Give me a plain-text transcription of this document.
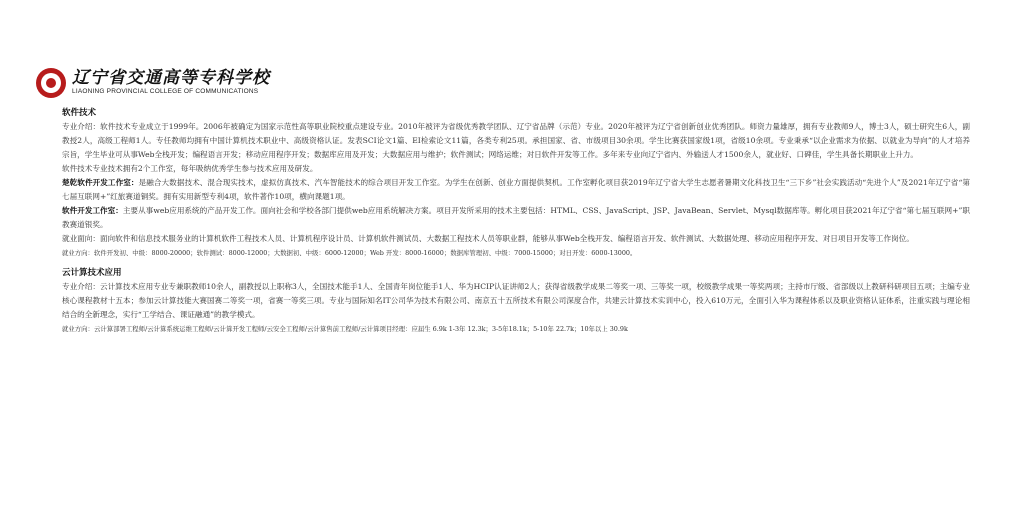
辽宁省交通高等专科学校
LIAONING PROVINCIAL COLLEGE OF COMMUNICATIONS
软件技术

专业介绍：软件技术专业成立于1999年。2006年被确定为国家示范性高等职业院校重点建设专业。2010年被评为省级优秀教学团队、辽宁省品牌（示范）专业。2020年被评为辽宁省创新创业优秀团队。师资力量雄厚，拥有专业教师9人，博士3人，硕士研究生6人，副教授2人，高级工程师1人。专任教师均拥有中国计算机技术职业中、高级资格认证。发表SCI论文1篇、EI检索论文11篇，各类专利25项。承担国家、省、市级项目30余项。学生比赛获国家级1项，省级10余项。专业秉承“以企业需求为依据、以就业为导向”的人才培养宗旨，学生毕业可从事Web全栈开发；编程语言开发；移动应用程序开发；数据库应用及开发；大数据应用与维护；软件测试；网络运维；对日软件开发等工作。多年来专业向辽宁省内、外输送人才1500余人，就业好、口碑佳，学生具备长期职业上升力。

软件技术专业技术拥有2个工作室，每年吸纳优秀学生参与技术应用及研发。

楚乾软件开发工作室：是融合大数据技术、混合现实技术，虚拟仿真技术、汽车智能技术的综合项目开发工作室。为学生在创新、创业方面提供契机。工作室孵化项目获2019年辽宁省大学生志愿者暑期文化科技卫生“三下乡”社会实践活动“先进个人”及2021年辽宁省“第七届互联网+”红旅赛道铜奖。拥有实用新型专利4项，软件著作10项，横向课题1项。

软件开发工作室：主要从事web应用系统的产品开发工作。面向社会和学校各部门提供web应用系统解决方案。项目开发所采用的技术主要包括：HTML、CSS、JavaScript、JSP、JavaBean、Servlet、Mysql数据库等。孵化项目获2021年辽宁省“第七届互联网+”职教赛道银奖。

就业面向：面向软件和信息技术服务业的计算机软件工程技术人员、计算机程序设计员、计算机软件测试员、大数据工程技术人员等职业群，能够从事Web全栈开发、编程语言开发、软件测试、大数据处理、移动应用程序开发、对日项目开发等工作岗位。

就业方向：软件开发初、中级：8000-20000；软件测试：8000-12000；大数据初、中级：6000-12000；Web 开发：8000-16000；数据库管理初、中级：7000-15000；对日开发：6000-13000。

云计算技术应用

专业介绍：云计算技术应用专业专兼职教师10余人，副教授以上职称3人，全国技术能手1人、全国青年岗位能手1人、华为HCIP认证讲师2人；获得省级教学成果二等奖一项、三等奖一项，校级教学成果一等奖两项；主持市厅级、省部级以上教研科研项目五项；主编专业核心课程教材十五本；参加云计算技能大赛国赛二等奖一项，省赛一等奖三项。专业与国际知名IT公司华为技术有限公司、南京五十五所技术有限公司深度合作，共建云计算技术实训中心，投入610万元，全面引入华为课程体系以及职业资格认证体系，注重实践与理论相结合的全新理念，实行“工学结合、课证融通”的教学模式。

就业方向：云计算部署工程师/云计算系统运维工程师/云计算开发工程师/云安全工程师/云计算售前工程师/云计算项目经理：应届生 6.9k 1-3年 12.3k；3-5年18.1k；5-10年 22.7k；10年以上 30.9k
